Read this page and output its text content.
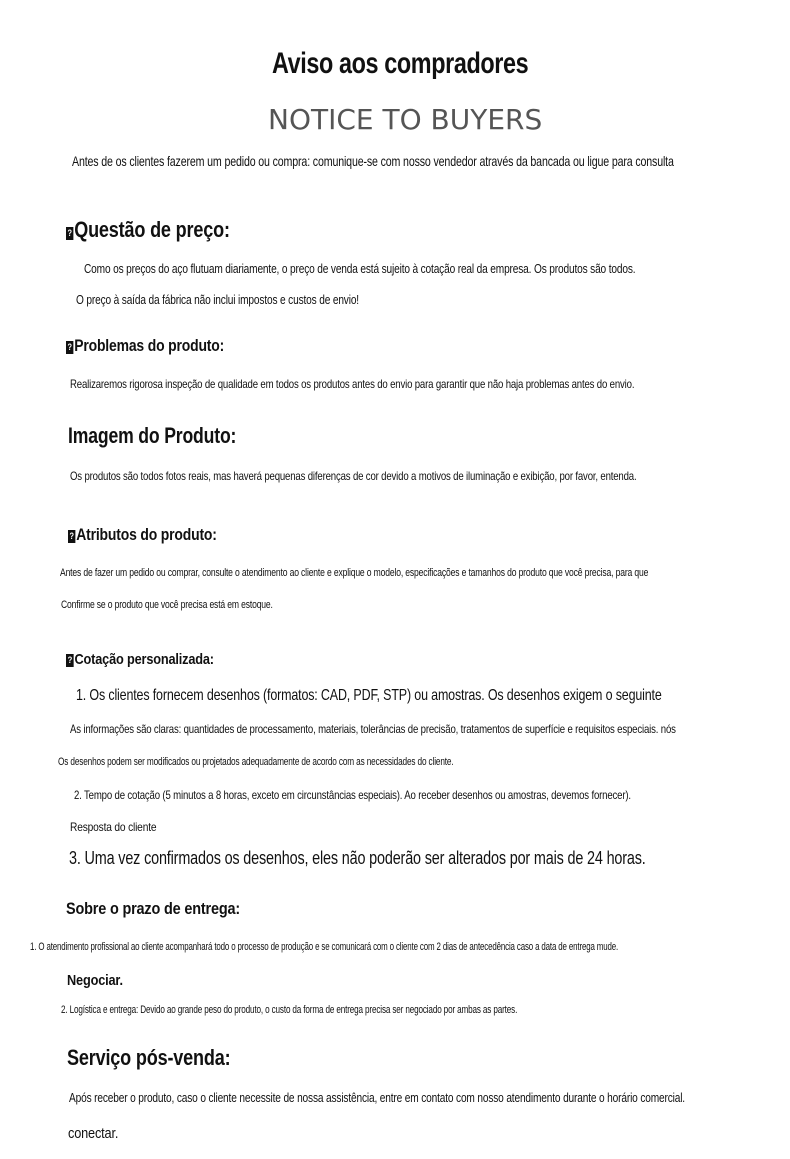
Aviso aos compradores
NOTICE TO BUYERS
Antes de os clientes fazerem um pedido ou compra: comunique-se com nosso vendedor através da bancada ou ligue para consulta
? Questão de preço:
Como os preços do aço flutuam diariamente, o preço de venda está sujeito à cotação real da empresa. Os produtos são todos.
O preço à saída da fábrica não inclui impostos e custos de envio!
? Problemas do produto:
Realizaremos rigorosa inspeção de qualidade em todos os produtos antes do envio para garantir que não haja problemas antes do envio.
Imagem do Produto:
Os produtos são todos fotos reais, mas haverá pequenas diferenças de cor devido a motivos de iluminação e exibição, por favor, entenda.
? Atributos do produto:
Antes de fazer um pedido ou comprar, consulte o atendimento ao cliente e explique o modelo, especificações e tamanhos do produto que você precisa, para que
Confirme se o produto que você precisa está em estoque.
? Cotação personalizada:
1. Os clientes fornecem desenhos (formatos: CAD, PDF, STP) ou amostras. Os desenhos exigem o seguinte
As informações são claras: quantidades de processamento, materiais, tolerâncias de precisão, tratamentos de superfície e requisitos especiais. nós
Os desenhos podem ser modificados ou projetados adequadamente de acordo com as necessidades do cliente.
2. Tempo de cotação (5 minutos a 8 horas, exceto em circunstâncias especiais). Ao receber desenhos ou amostras, devemos fornecer).
Resposta do cliente
3. Uma vez confirmados os desenhos, eles não poderão ser alterados por mais de 24 horas.
Sobre o prazo de entrega:
1. O atendimento profissional ao cliente acompanhará todo o processo de produção e se comunicará com o cliente com 2 dias de antecedência caso a data de entrega mude.
Negociar.
2. Logística e entrega: Devido ao grande peso do produto, o custo da forma de entrega precisa ser negociado por ambas as partes.
Serviço pós-venda:
Após receber o produto, caso o cliente necessite de nossa assistência, entre em contato com nosso atendimento durante o horário comercial.
conectar.
